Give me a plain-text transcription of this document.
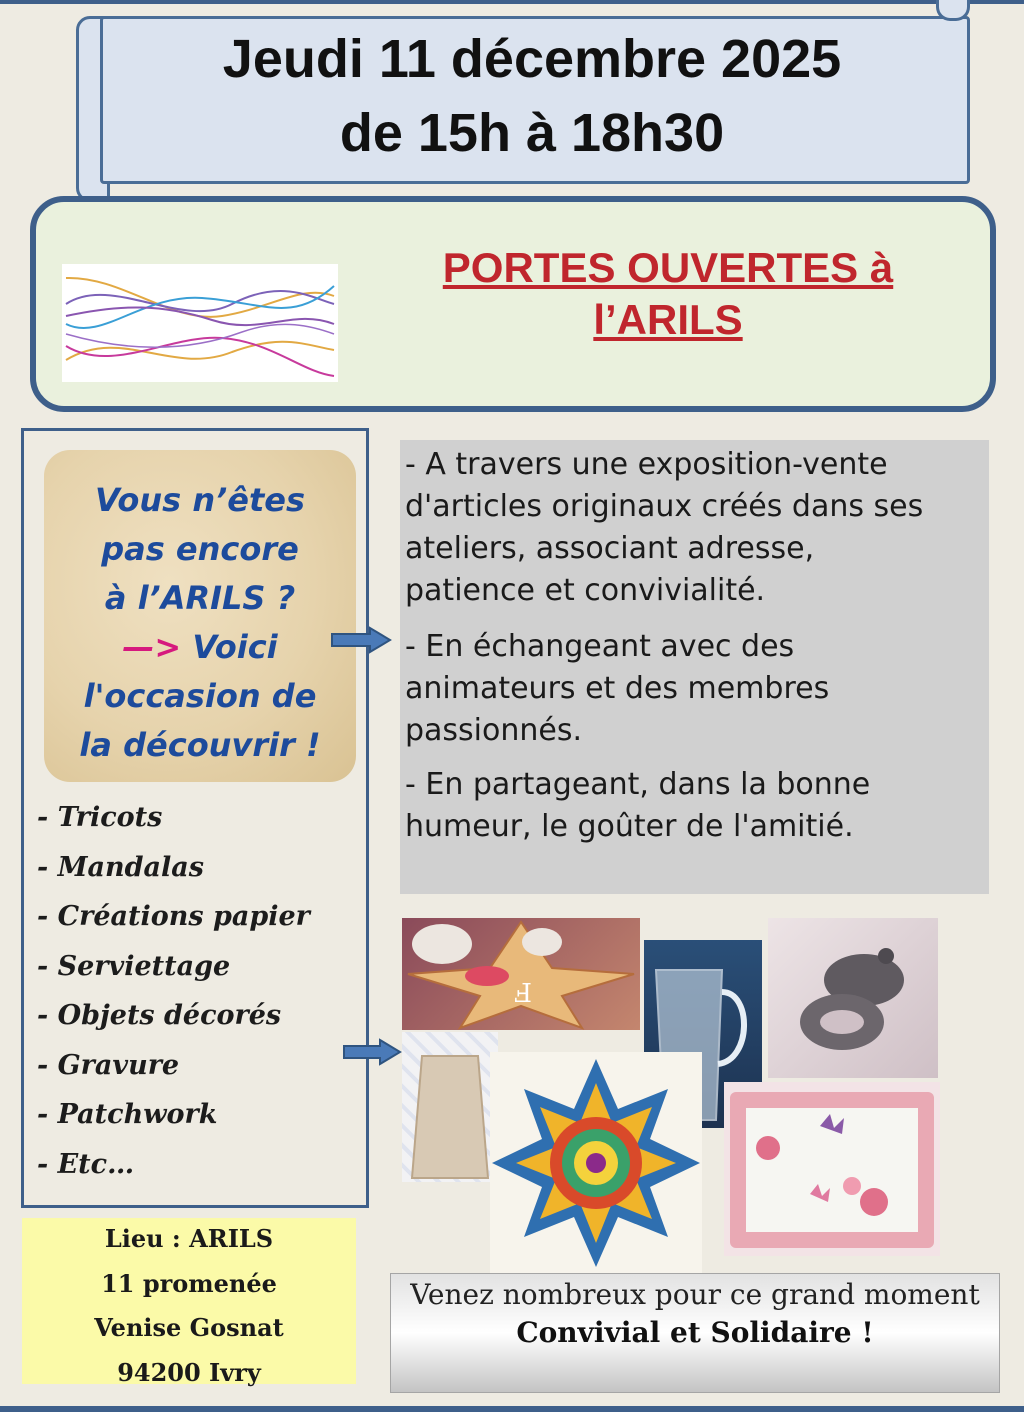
Jeudi 11 décembre 2025
de 15h à 18h30
PORTES OUVERTES à
l’ARILS
Vous n’êtes
pas encore
à l’ARILS ?
—> Voici
l'occasion de
la découvrir !
- Tricots
- Mandalas
- Créations papier
- Serviettage
- Objets décorés
- Gravure
- Patchwork
- Etc…
- A travers une exposition-vente
d'articles originaux créés dans ses
ateliers, associant adresse,
patience et convivialité.
- En échangeant avec des
animateurs et des membres
passionnés.
- En partageant, dans la bonne
humeur, le goûter de l'amitié.
Ⅎ
Lieu : ARILS
11 promenée
Venise Gosnat
94200 Ivry
Venez nombreux pour ce grand moment
Convivial et Solidaire !
